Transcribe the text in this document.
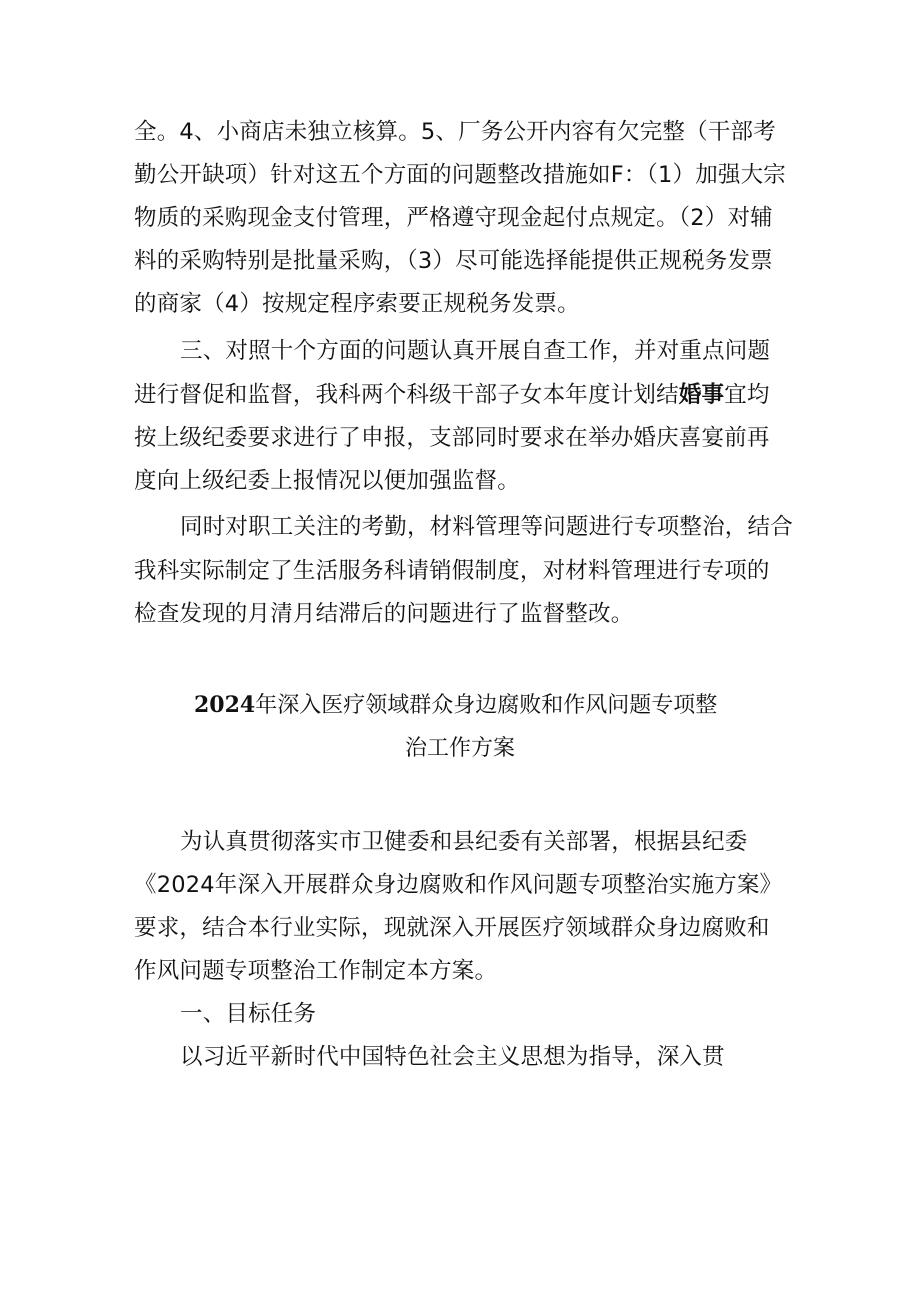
全。4、小商店未独立核算。5、厂务公开内容有欠完整（干部考
勤公开缺项）针对这五个方面的问题整改措施如F：（1）加强大宗
物质的采购现金支付管理，严格遵守现金起付点规定。（2）对辅
料的采购特别是批量采购，（3）尽可能选择能提供正规税务发票
的商家（4）按规定程序索要正规税务发票。
三、对照十个方面的问题认真开展自查工作，并对重点问题
进行督促和监督，我科两个科级干部子女本年度计划结婚事宜均
按上级纪委要求进行了申报，支部同时要求在举办婚庆喜宴前再
度向上级纪委上报情况以便加强监督。
同时对职工关注的考勤，材料管理等问题进行专项整治，结合
我科实际制定了生活服务科请销假制度，对材料管理进行专项的
检查发现的月清月结滞后的问题进行了监督整改。
2024年深入医疗领域群众身边腐败和作风问题专项整
治工作方案
为认真贯彻落实市卫健委和县纪委有关部署，根据县纪委
《2024年深入开展群众身边腐败和作风问题专项整治实施方案》
要求，结合本行业实际，现就深入开展医疗领域群众身边腐败和
作风问题专项整治工作制定本方案。
一、目标任务
以习近平新时代中国特色社会主义思想为指导，深入贯
